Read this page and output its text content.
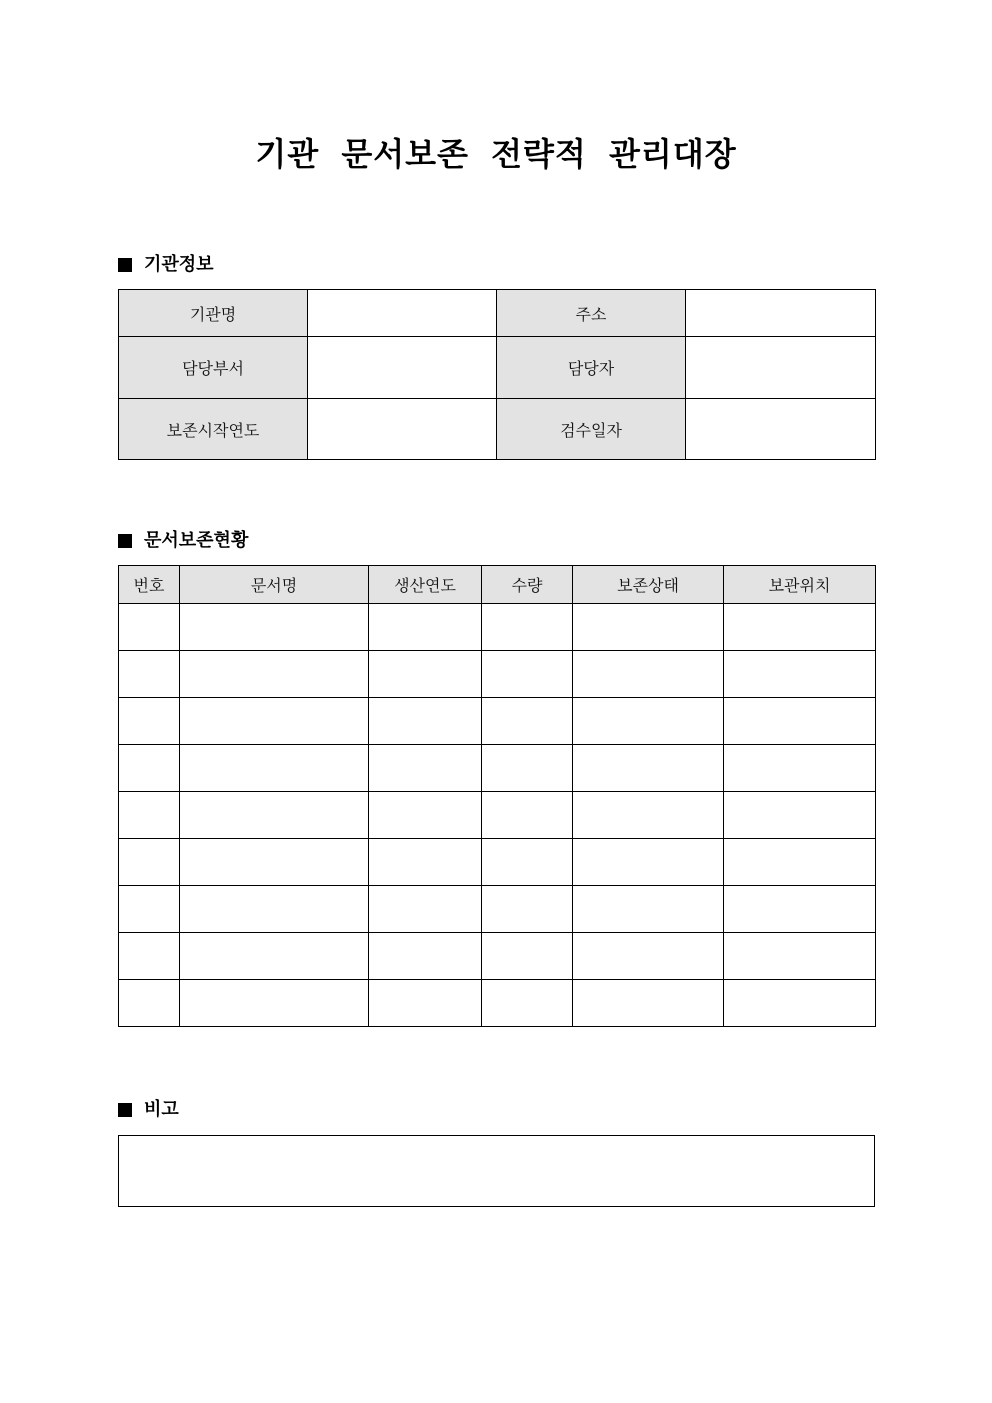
기관 문서보존 전략적 관리대장
기관정보
기관명		주소	
담당부서		담당자	
보존시작연도		검수일자	
문서보존현황
번호	문서명	생산연도	수량	보존상태	보관위치

비고
